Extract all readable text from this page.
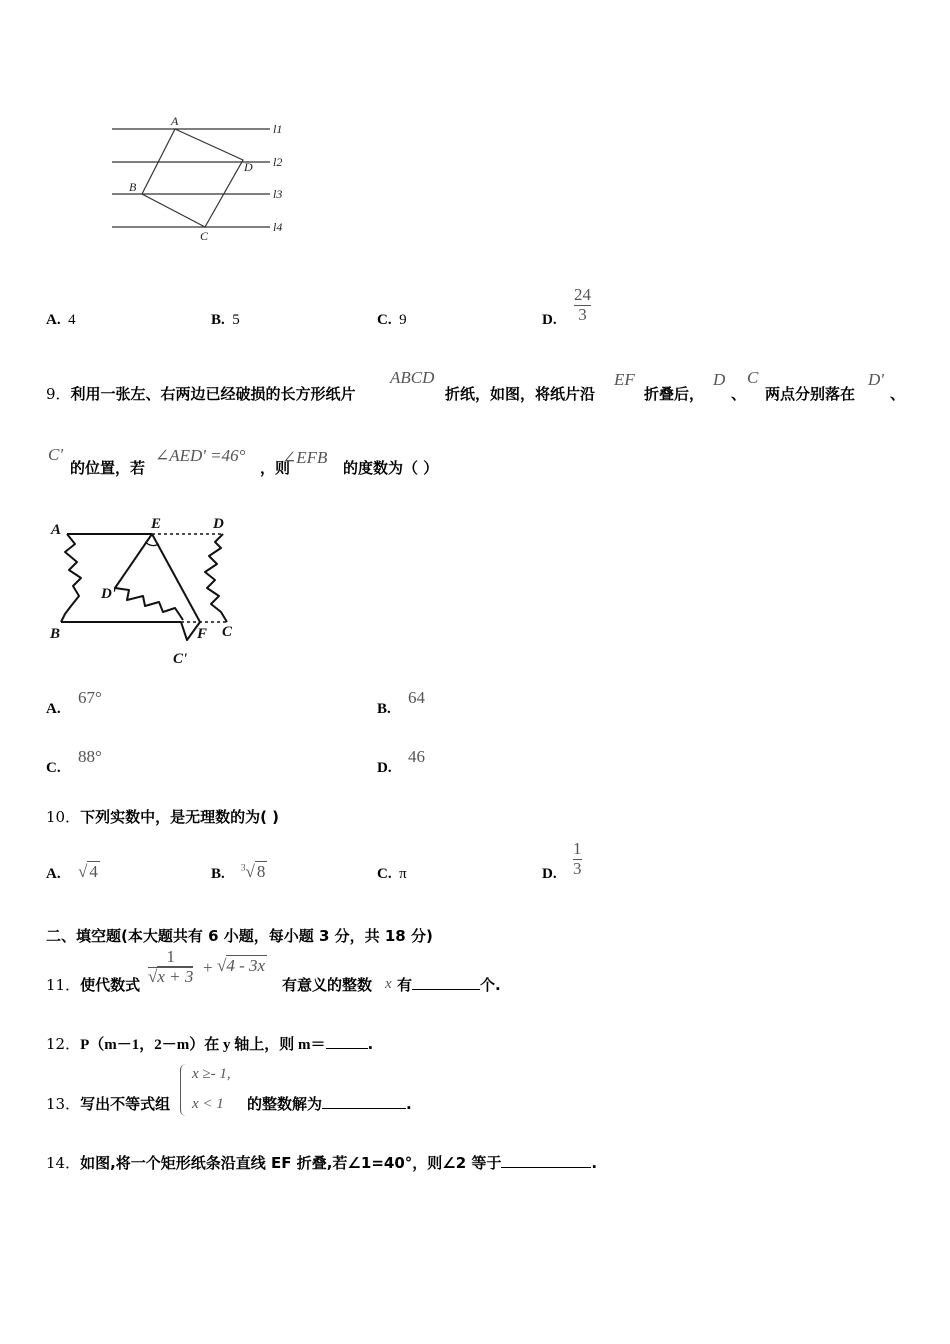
A
D
B
C
l1
l2
l3
l4
A. 4	B. 5	C. 9	D.
24
3
9．利用一张左、右两边已经破损的长方形纸片
ABCD
折纸，如图，将纸片沿
EF
折叠后，
D
、
C
两点分别落在
D'
、
C'
的位置，若
∠AED' =46°
，则
∠EFB
的度数为（ ）
A	E	D
D'
B	F C
C'
A.
67°
B.
64
C.
88°
D.
46
10．下列实数中，是无理数的为( )
A. √ 4	B. $^3$√ 8	C. π	D.
1
3
二、填空题(本大题共有 6 小题，每小题 3 分，共 18 分)
11．使代数式
1
√x + 3 + √4 - 3x
有意义的整数 x 有	个.
12．P（m－1，2－m）在 y 轴上，则 m＝	.
13．写出不等式组
x ≥- 1,
x < 1 的整数解为	.
14．如图,将一个矩形纸条沿直线 EF 折叠,若∠1=40°，则∠2 等于	.
